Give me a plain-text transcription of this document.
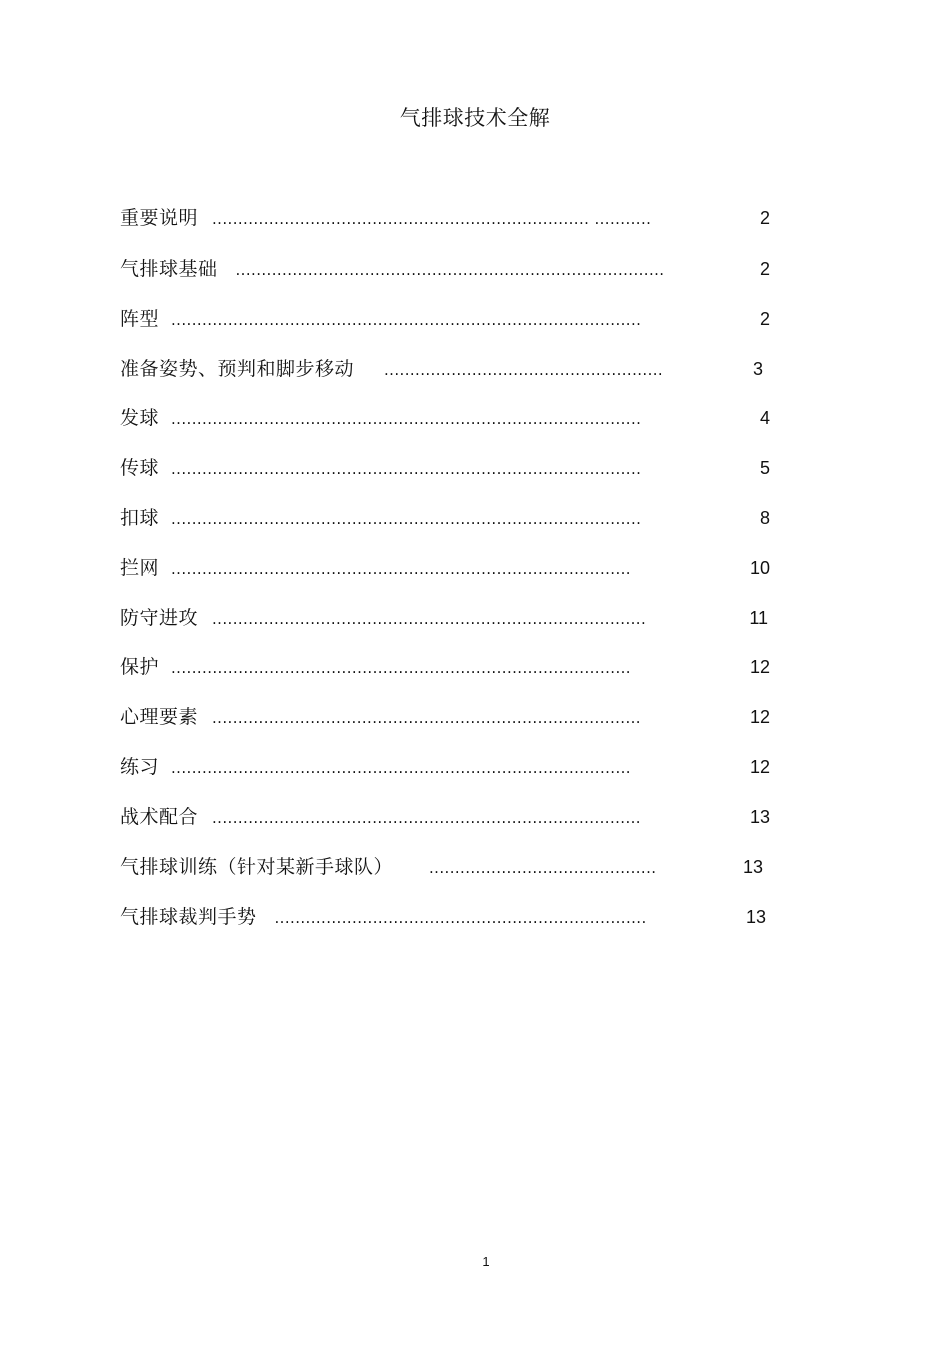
气排球技术全解
重要说明 ......................................................................... ...........	2
气排球基础	...................................................................................	2
阵型 ...........................................................................................	2
准备姿势、预判和脚步移动	......................................................	3
发球 ...........................................................................................	4
传球 ...........................................................................................	5
扣球 ...........................................................................................	8
拦网 .........................................................................................	10
防守进攻 ....................................................................................	11
保护 .........................................................................................	12
心理要素 ...................................................................................	12
练习 .........................................................................................	12
战术配合 ...................................................................................	13
气排球训练（针对某新手球队）	............................................	13
气排球裁判手势	........................................................................	13
1
